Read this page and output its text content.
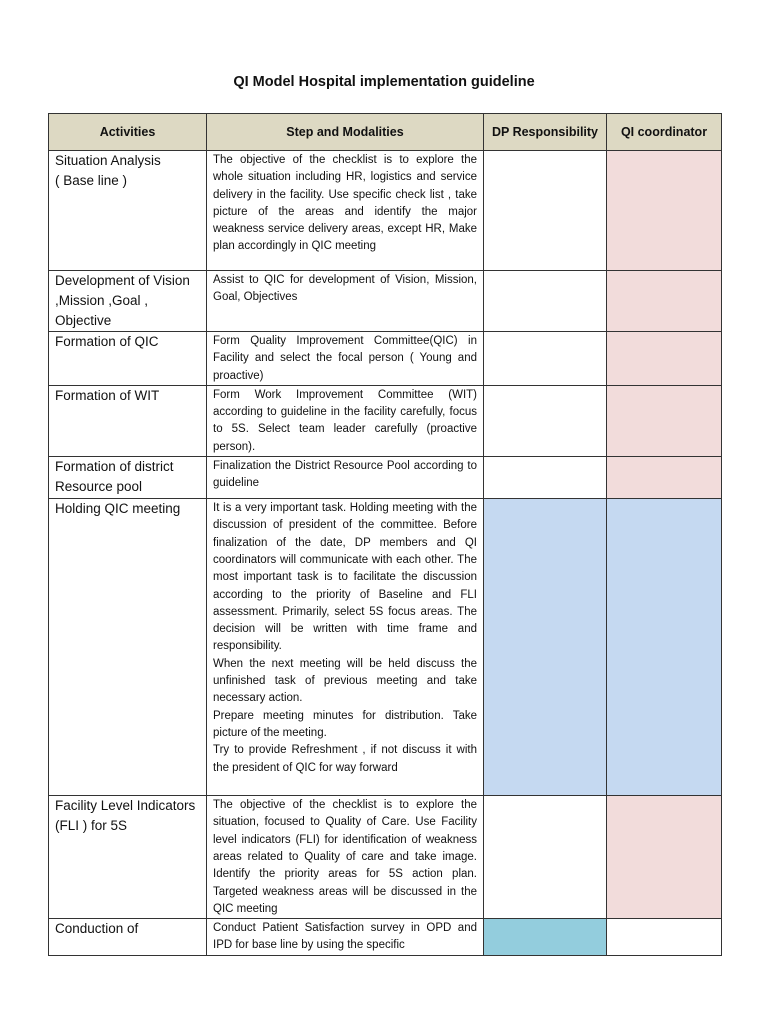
QI Model Hospital implementation guideline
Activities	Step and Modalities	DP Responsibility	QI coordinator

Situation Analysis
( Base line )	The objective of the checklist is to explore the whole situation including HR, logistics and service delivery in the facility. Use specific check list , take picture of the areas and identify the major weakness service delivery areas, except HR, Make plan accordingly in QIC meeting		

Development of Vision ,Mission ,Goal , Objective	Assist to QIC for development of Vision, Mission, Goal, Objectives		

Formation of QIC	Form Quality Improvement Committee(QIC) in Facility and select the focal person ( Young and proactive)		

Formation of WIT	Form Work Improvement Committee (WIT) according to guideline in the facility carefully, focus to 5S. Select team leader carefully (proactive person).		

Formation of district Resource pool	Finalization the District Resource Pool according to guideline		

Holding QIC meeting	It is a very important task. Holding meeting with the discussion of president of the committee. Before finalization of the date, DP members and QI coordinators will communicate with each other. The most important task is to facilitate the discussion according to the priority of Baseline and FLI assessment. Primarily, select 5S focus areas. The decision will be written with time frame and responsibility.
When the next meeting will be held discuss the unfinished task of previous meeting and take necessary action.
Prepare meeting minutes for distribution. Take picture of the meeting.
Try to provide Refreshment , if not discuss it with the president of QIC for way forward		

Facility Level Indicators (FLI ) for 5S	The objective of the checklist is to explore the situation, focused to Quality of Care. Use Facility level indicators (FLI) for identification of weakness areas related to Quality of care and take image. Identify the priority areas for 5S action plan. Targeted weakness areas will be discussed in the QIC meeting		

Conduction of	Conduct Patient Satisfaction survey in OPD and IPD for base line by using the specific		
